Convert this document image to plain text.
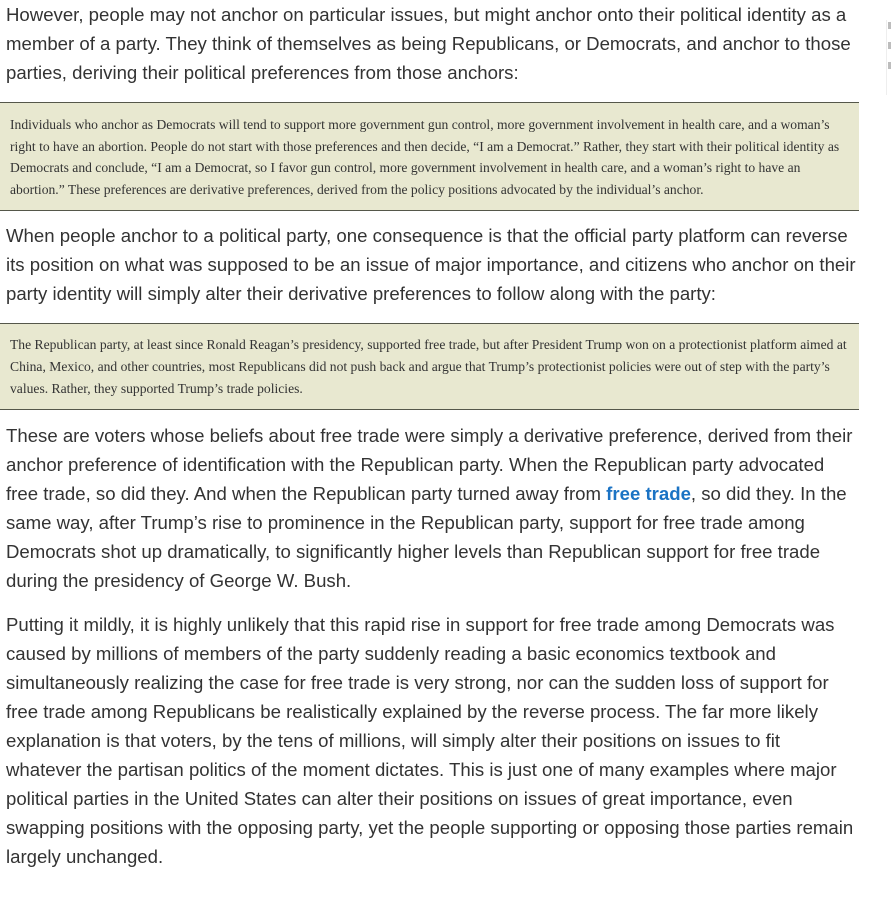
However, people may not anchor on particular issues, but might anchor onto their political identity as a member of a party. They think of themselves as being Republicans, or Democrats, and anchor to those parties, deriving their political preferences from those anchors:

Individuals who anchor as Democrats will tend to support more government gun control, more government involvement in health care, and a woman’s right to have an abortion. People do not start with those preferences and then decide, “I am a Democrat.” Rather, they start with their political identity as Democrats and conclude, “I am a Democrat, so I favor gun control, more government involvement in health care, and a woman’s right to have an abortion.” These preferences are derivative preferences, derived from the policy positions advocated by the individual’s anchor.

When people anchor to a political party, one consequence is that the official party platform can reverse its position on what was supposed to be an issue of major importance, and citizens who anchor on their party identity will simply alter their derivative preferences to follow along with the party:

The Republican party, at least since Ronald Reagan’s presidency, supported free trade, but after President Trump won on a protectionist platform aimed at China, Mexico, and other countries, most Republicans did not push back and argue that Trump’s protectionist policies were out of step with the party’s values. Rather, they supported Trump’s trade policies.

These are voters whose beliefs about free trade were simply a derivative preference, derived from their anchor preference of identification with the Republican party. When the Republican party advocated free trade, so did they. And when the Republican party turned away from free trade, so did they. In the same way, after Trump’s rise to prominence in the Republican party, support for free trade among Democrats shot up dramatically, to significantly higher levels than Republican support for free trade during the presidency of George W. Bush.

Putting it mildly, it is highly unlikely that this rapid rise in support for free trade among Democrats was caused by millions of members of the party suddenly reading a basic economics textbook and simultaneously realizing the case for free trade is very strong, nor can the sudden loss of support for free trade among Republicans be realistically explained by the reverse process. The far more likely explanation is that voters, by the tens of millions, will simply alter their positions on issues to fit whatever the partisan politics of the moment dictates. This is just one of many examples where major political parties in the United States can alter their positions on issues of great importance, even swapping positions with the opposing party, yet the people supporting or opposing those parties remain largely unchanged.
